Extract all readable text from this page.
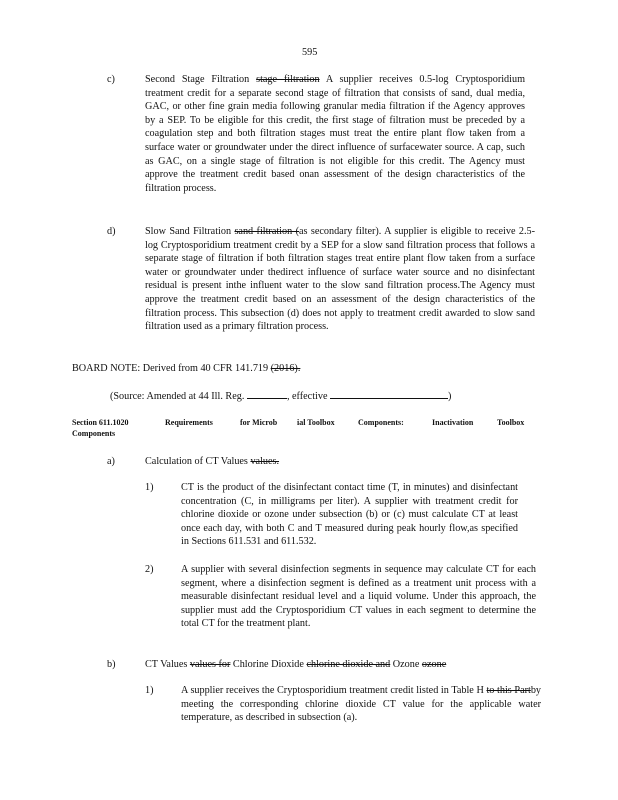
595
c)	Second Stage Filtration stage filtration A supplier receives 0.5-log Cryptosporidium treatment credit for a separate second stage of filtration that consists of sand, dual media, GAC, or other fine grain media following granular media filtration if the Agency approves by a SEP. To be eligible for this credit, the first stage of filtration must be preceded by a coagulation step and both filtration stages must treat the entire plant flow taken from a surface water or groundwater under the direct influence of surfacewater source. A cap, such as GAC, on a single stage of filtration is not eligible for this credit. The Agency must approve the treatment credit based onan assessment of the design characteristics of the filtration process.

d)	Slow Sand Filtration sand filtration (as secondary filter). A supplier is eligible to receive 2.5-log Cryptosporidium treatment credit by a SEP for a slow sand filtration process that follows a separate stage of filtration if both filtration stages treat entire plant flow taken from a surface water or groundwater under thedirect influence of surface water source and no disinfectant residual is present inthe influent water to the slow sand filtration process.The Agency must approve the treatment credit based on an assessment of the design characteristics of the filtration process. This subsection (d) does not apply to treatment credit awarded to slow sand filtration used as a primary filtration process.

BOARD NOTE: Derived from 40 CFR 141.719 (2016).
(Source: Amended at 44 Ill. Reg.	, effective	)
Section 611.1020	Requirements	for Microb ial Toolbox	Components:	Inactivation	Toolbox
Components
a)	Calculation of CT Values values.
1)	CT is the product of the disinfectant contact time (T, in minutes) and disinfectant concentration (C, in milligrams per liter). A supplier with treatment credit for chlorine dioxide or ozone under subsection (b) or (c) must calculate CT at least once each day, with both C and T measured during peak hourly flow,as specified in Sections 611.531 and 611.532.

2)	A supplier with several disinfection segments in sequence may calculate CT for each segment, where a disinfection segment is defined as a treatment unit process with a measurable disinfectant residual level and a liquid volume. Under this approach, the supplier must add the Cryptosporidium CT values in each segment to determine the total CT for the treatment plant.

b)	CT Values values for Chlorine Dioxide chlorine dioxide and Ozone ozone
1)	A supplier receives the Cryptosporidium treatment credit listed in Table H to this Partby meeting the corresponding chlorine dioxide CT value for the applicable water temperature, as described in subsection (a).
